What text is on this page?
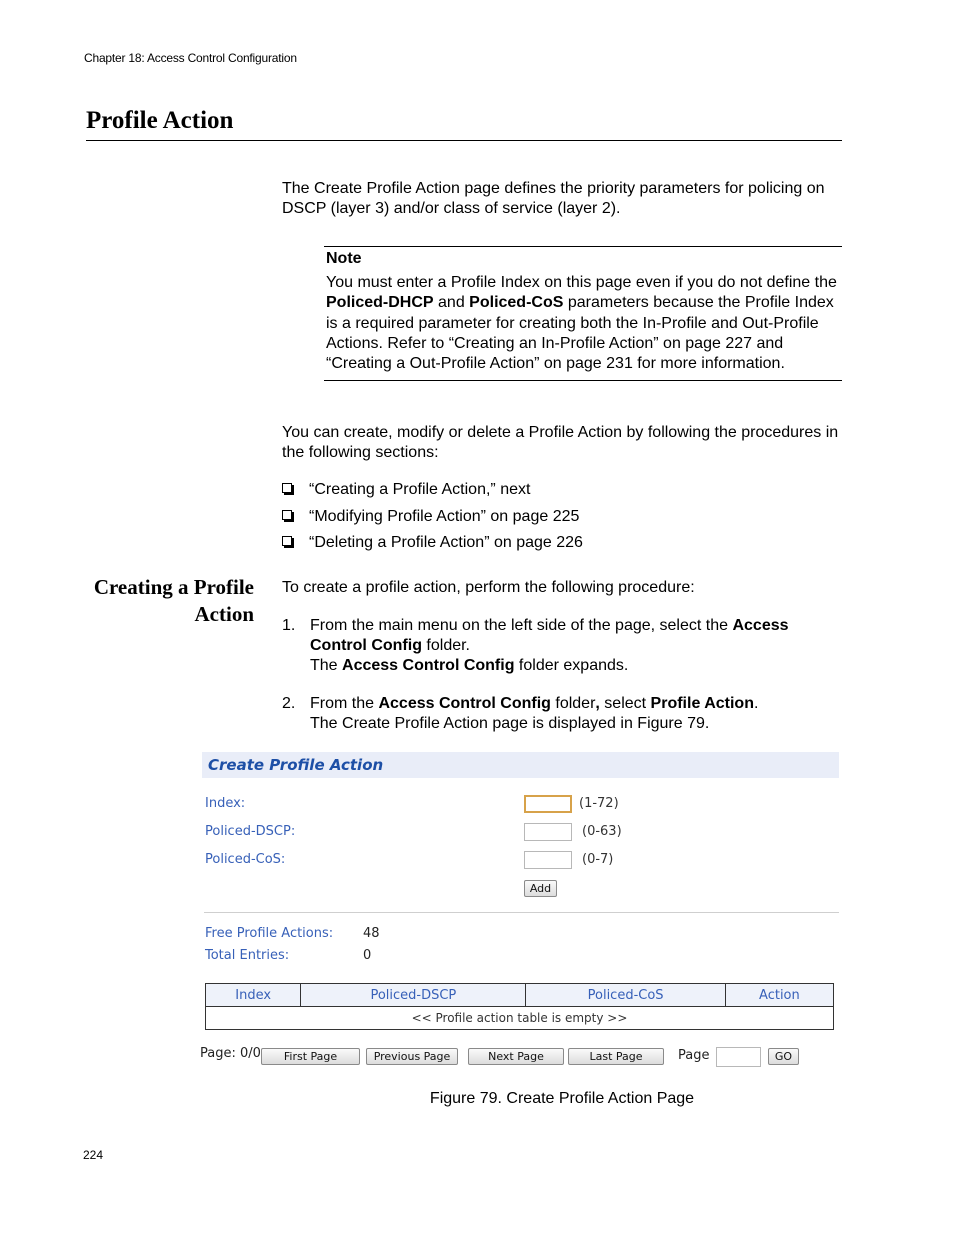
Chapter 18: Access Control Configuration
Profile Action
The Create Profile Action page defines the priority parameters for policing on DSCP (layer 3) and/or class of service (layer 2).
Note
You must enter a Profile Index on this page even if you do not define the Policed-DHCP and Policed-CoS parameters because the Profile Index is a required parameter for creating both the In-Profile and Out-Profile Actions. Refer to “Creating an In-Profile Action” on page 227 and “Creating a Out-Profile Action” on page 231 for more information.
You can create, modify or delete a Profile Action by following the procedures in the following sections:
“Creating a Profile Action,” next
“Modifying Profile Action” on page 225
“Deleting a Profile Action” on page 226
Creating a Profile
Action
To create a profile action, perform the following procedure:
1. From the main menu on the left side of the page, select the Access Control Config folder.
The Access Control Config folder expands.
2. From the Access Control Config folder, select Profile Action.
The Create Profile Action page is displayed in Figure 79.
Create Profile Action
Index:	(1-72)
Policed-DSCP:	(0-63)
Policed-CoS:	(0-7)
Add
Free Profile Actions: 48
Total Entries:	0
Index	Policed-DSCP	Policed-CoS	Action
<< Profile action table is empty >>
Page: 0/0	First Page	Previous Page	Next Page	Last Page	Page	GO
Figure 79. Create Profile Action Page
224
